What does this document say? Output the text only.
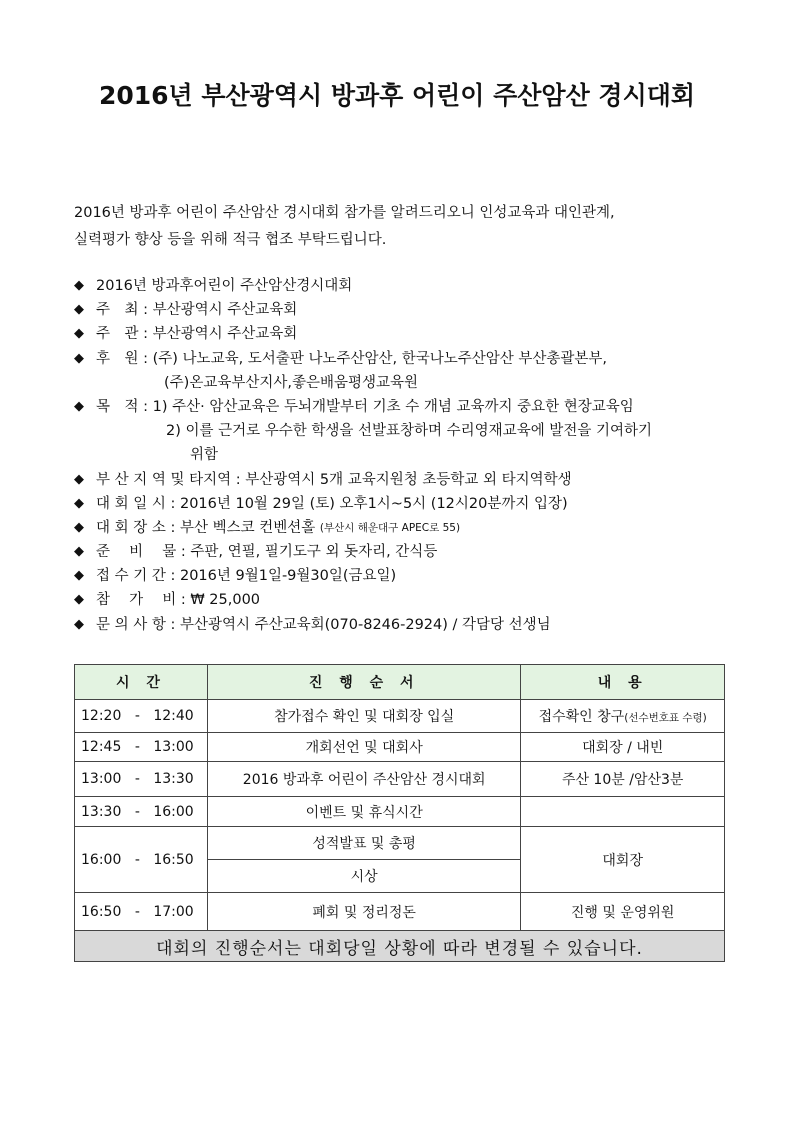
2016년 부산광역시 방과후 어린이 주산암산 경시대회
2016년 방과후 어린이 주산암산 경시대회 참가를 알려드리오니 인성교육과 대인관계,
실력평가 향상 등을 위해 적극 협조 부탁드립니다.
◆ 2016년 방과후어린이 주산암산경시대회
◆ 주　최 :
부산광역시 주산교육회
◆ 주　관 :
부산광역시 주산교육회
◆ 후　원 :
(주) 나노교육, 도서출판 나노주산암산, 한국나노주산암산 부산총괄본부,
(주)온교육부산지사,좋은배움평생교육원
◆ 목　적 :
1) 주산· 암산교육은 두뇌개발부터 기초 수 개념 교육까지 중요한 현장교육임
2) 이를 근거로 우수한 학생을 선발표창하며 수리영재교육에 발전을 기여하기
위함
◆ 부 산 지 역 및 타지역 :
부산광역시 5개 교육지원청 초등학교 외 타지역학생
◆ 대 회 일 시 :
2016년 10월 29일 (토) 오후1시~5시 (12시20분까지 입장)
◆ 대 회 장 소 :
부산 벡스코 컨벤션홀
(부산시 해운대구 APEC로 55)
◆ 준　 비　 물 :
주판, 연필, 필기도구 외 돗자리, 간식등
◆ 접 수 기 간 :
2016년 9월1일-9월30일(금요일)
◆ 참　 가　 비 :
₩ 25,000
◆ 문 의 사 항 :
부산광역시 주산교육회(070-8246-2924) / 각담당 선생님
시 간	진 행 순 서	내 용
12:20 - 12:40	참가접수 확인 및 대회장 입실	접수확인 창구(선수번호표 수령)
12:45 - 13:00	개회선언 및 대회사	대회장 / 내빈
13:00 - 13:30	2016 방과후 어린이 주산암산 경시대회	주산 10분 /암산3분
13:30 - 16:00	이벤트 및 휴식시간	
16:00 - 16:50	성적발표 및 총평	대회장
	시상	
16:50 - 17:00	폐회 및 정리정돈	진행 및 운영위원
대회의 진행순서는 대회당일 상황에 따라 변경될 수 있습니다.		
